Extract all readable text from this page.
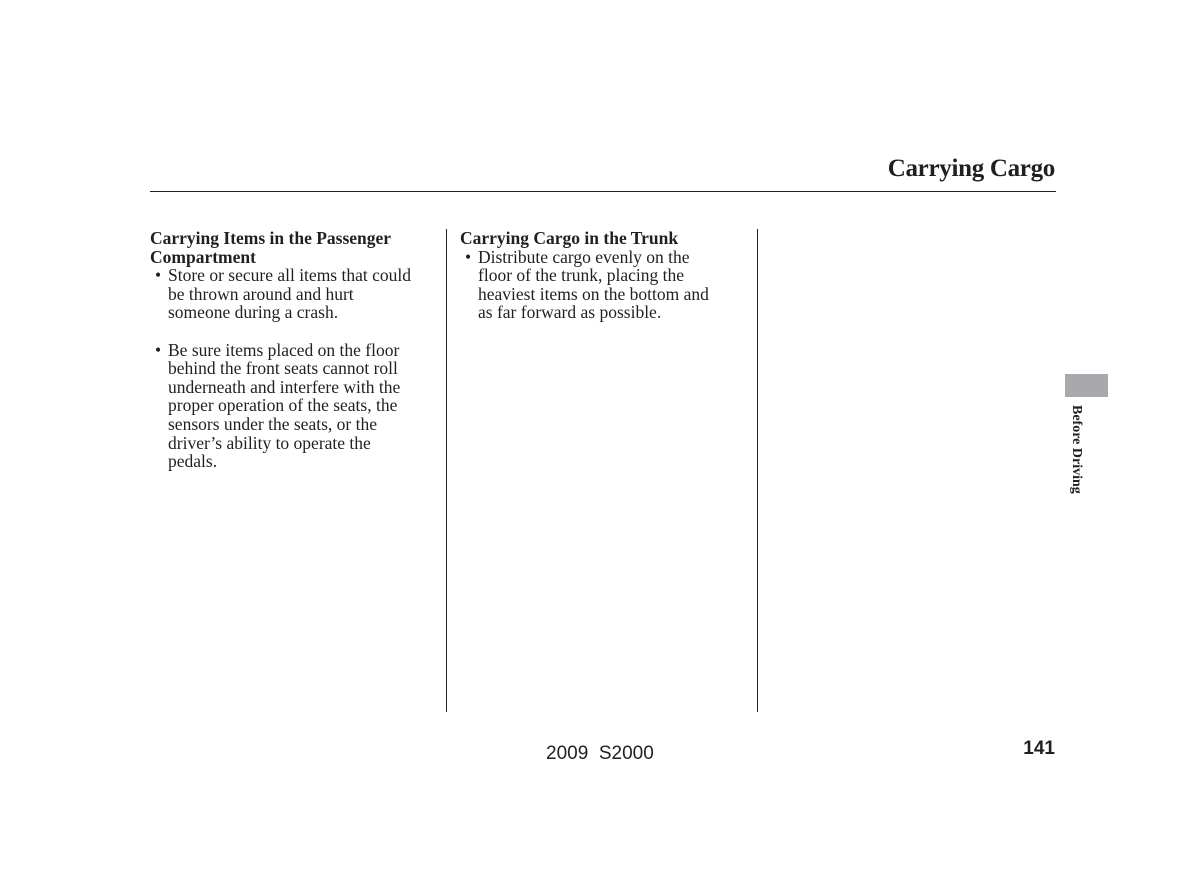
Carrying Cargo
Carrying Items in the Passenger
Compartment
• Store or secure all items that could
be thrown around and hurt
someone during a crash.
• Be sure items placed on the floor
behind the front seats cannot roll
underneath and interfere with the
proper operation of the seats, the
sensors under the seats, or the
driver’s ability to operate the
pedals.
Carrying Cargo in the Trunk
• Distribute cargo evenly on the
floor of the trunk, placing the
heaviest items on the bottom and
as far forward as possible.
Before Driving
141
2009  S2000
